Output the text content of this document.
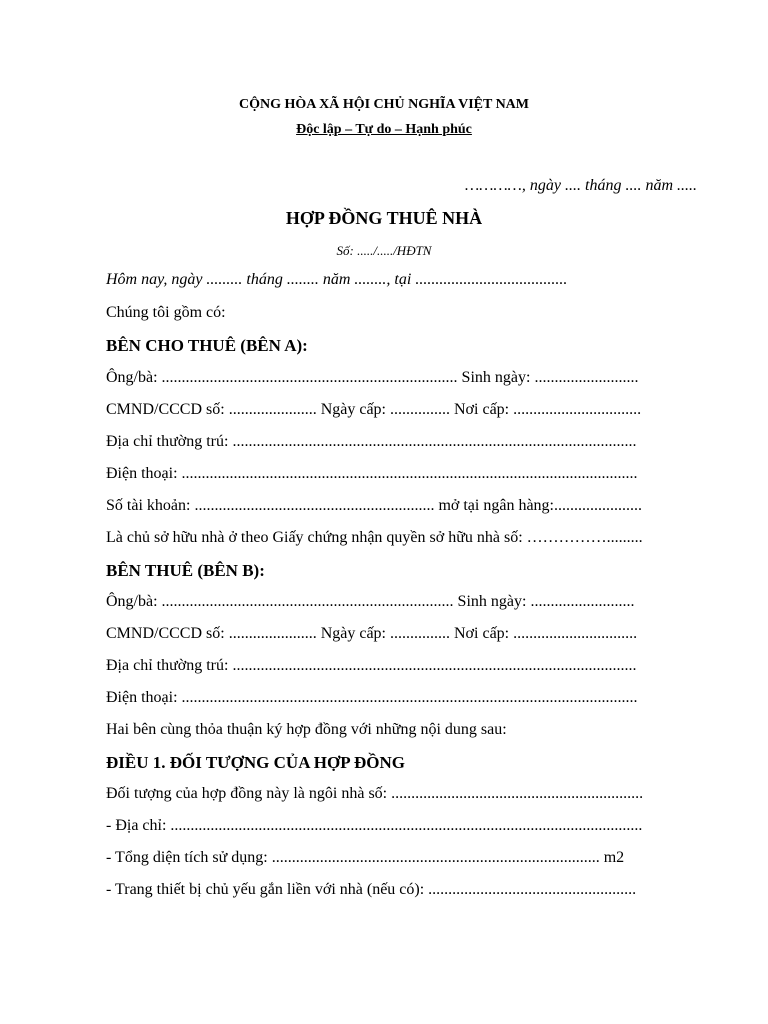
CỘNG HÒA XÃ HỘI CHỦ NGHĨA VIỆT NAM
Độc lập – Tự do – Hạnh phúc
…………, ngày .... tháng .... năm .....
HỢP ĐỒNG THUÊ NHÀ
Số: ...../...../HĐTN
Hôm nay, ngày ......... tháng ........ năm ........, tại ......................................
Chúng tôi gồm có:
BÊN CHO THUÊ (BÊN A):
Ông/bà: .......................................................................... Sinh ngày: ..........................
CMND/CCCD số: ...................... Ngày cấp: ............... Nơi cấp: ................................
Địa chỉ thường trú: .....................................................................................................
Điện thoại: ..................................................................................................................
Số tài khoản: ............................................................ mở tại ngân hàng:......................
Là chủ sở hữu nhà ở theo Giấy chứng nhận quyền sở hữu nhà số: …………….........
BÊN THUÊ (BÊN B):
Ông/bà: ......................................................................... Sinh ngày: ..........................
CMND/CCCD số: ...................... Ngày cấp: ............... Nơi cấp: ...............................
Địa chỉ thường trú: .....................................................................................................
Điện thoại: ..................................................................................................................
Hai bên cùng thỏa thuận ký hợp đồng với những nội dung sau:
ĐIỀU 1. ĐỐI TƯỢNG CỦA HỢP ĐỒNG
Đối tượng của hợp đồng này là ngôi nhà số: ...............................................................
- Địa chỉ: ......................................................................................................................
- Tổng diện tích sử dụng: .................................................................................. m2
- Trang thiết bị chủ yếu gắn liền với nhà (nếu có): ....................................................
